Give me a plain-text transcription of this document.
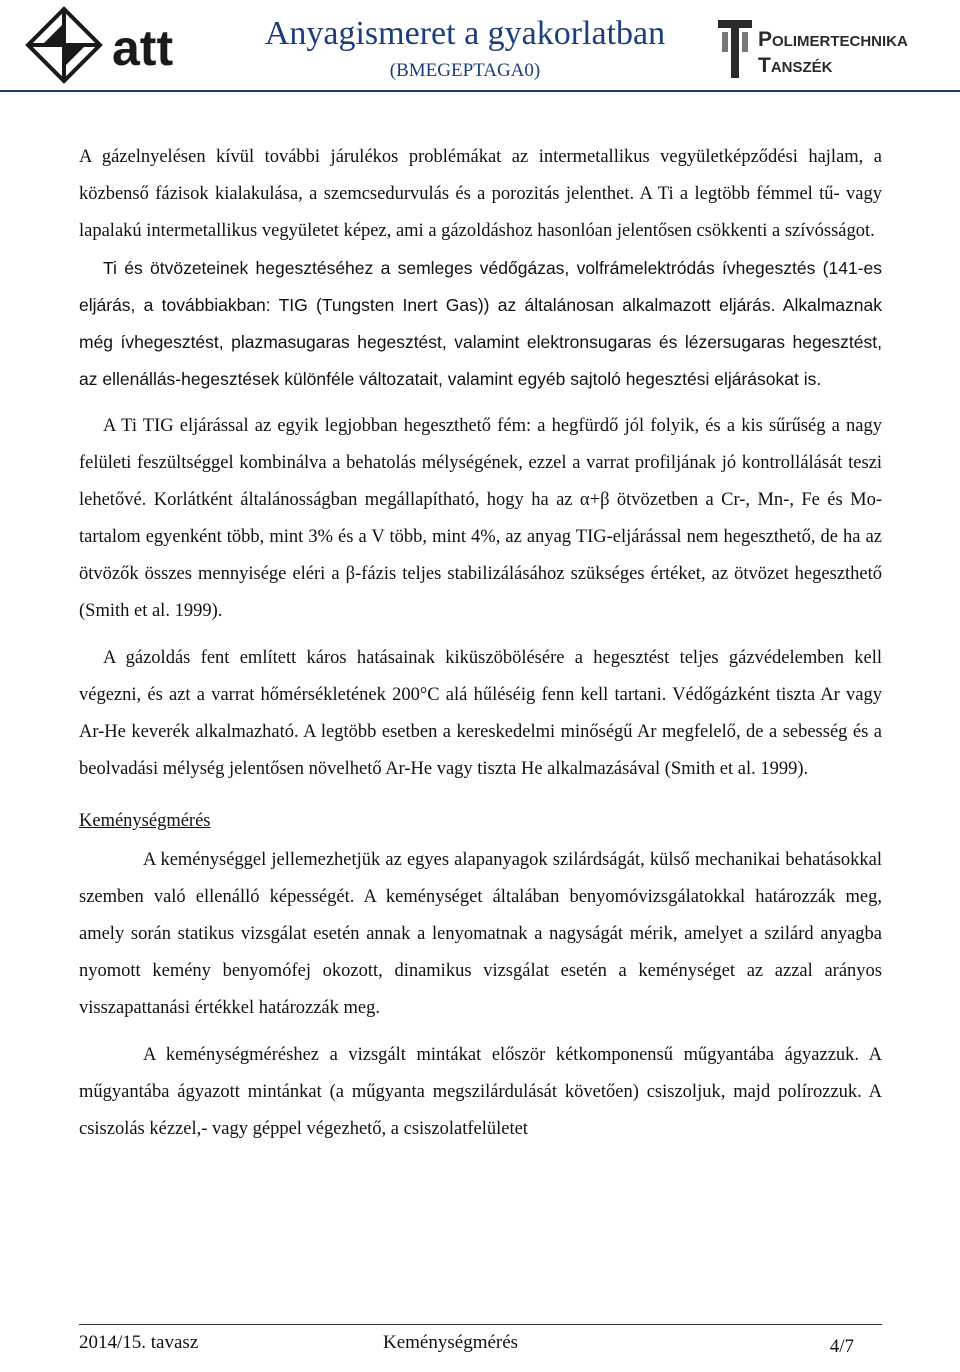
att	Anyagismeret a gyakorlatban
(BMEGEPTAGA0)
Polimertechnika
Tanszék

A gázelnyelésen kívül további járulékos problémákat az intermetallikus vegyületképződési hajlam, a közbenső fázisok kialakulása, a szemcsedurvulás és a porozitás jelenthet. A Ti a legtöbb fémmel tű- vagy lapalakú intermetallikus vegyületet képez, ami a gázoldáshoz hasonlóan jelentősen csökkenti a szívósságot.

Ti és ötvözeteinek hegesztéséhez a semleges védőgázas, volfrámelektródás ívhegesztés (141-es eljárás, a továbbiakban: TIG (Tungsten Inert Gas)) az általánosan alkalmazott eljárás. Alkalmaznak még ívhegesztést, plazmasugaras hegesztést, valamint elektronsugaras és lézersugaras hegesztést, az ellenállás-hegesztések különféle változatait, valamint egyéb sajtoló hegesztési eljárásokat is.

A Ti TIG eljárással az egyik legjobban hegeszthető fém: a hegfürdő jól folyik, és a kis sűrűség a nagy felületi feszültséggel kombinálva a behatolás mélységének, ezzel a varrat profiljának jó kontrollálását teszi lehetővé. Korlátként általánosságban megállapítható, hogy ha az α+β ötvözetben a Cr-, Mn-, Fe és Mo-tartalom egyenként több, mint 3% és a V több, mint 4%, az anyag TIG-eljárással nem hegeszthető, de ha az ötvözők összes mennyisége eléri a β-fázis teljes stabilizálásához szükséges értéket, az ötvözet hegeszthető (Smith et al. 1999).

A gázoldás fent említett káros hatásainak kiküszöbölésére a hegesztést teljes gázvédelemben kell végezni, és azt a varrat hőmérsékletének 200°C alá hűléséig fenn kell tartani. Védőgázként tiszta Ar vagy Ar-He keverék alkalmazható. A legtöbb esetben a kereskedelmi minőségű Ar megfelelő, de a sebesség és a beolvadási mélység jelentősen növelhető Ar-He vagy tiszta He alkalmazásával (Smith et al. 1999).

Keménységmérés

A keménységgel jellemezhetjük az egyes alapanyagok szilárdságát, külső mechanikai behatásokkal szemben való ellenálló képességét. A keménységet általában benyomóvizsgálatokkal határozzák meg, amely során statikus vizsgálat esetén annak a lenyomatnak a nagyságát mérik, amelyet a szilárd anyagba nyomott kemény benyomófej okozott, dinamikus vizsgálat esetén a keménységet az azzal arányos visszapattanási értékkel határozzák meg.

A keménységméréshez a vizsgált mintákat először kétkomponensű műgyantába ágyazzuk. A műgyantába ágyazott mintánkat (a műgyanta megszilárdulását követően) csiszoljuk, majd polírozzuk. A csiszolás kézzel,- vagy géppel végezhető, a csiszolatfelületet

2014/15. tavasz	Keménységmérés	4/7
